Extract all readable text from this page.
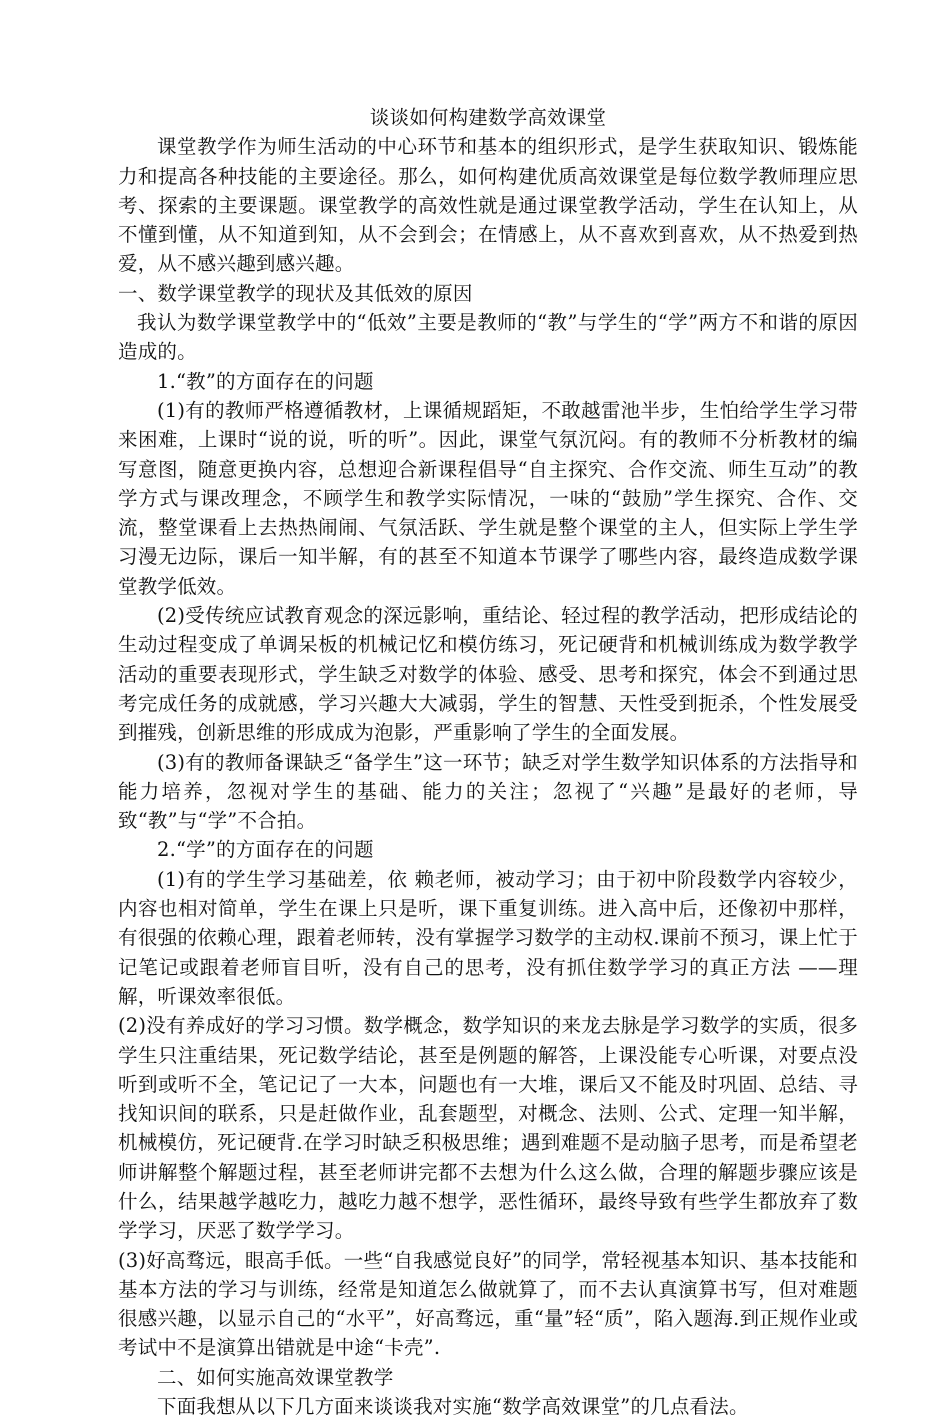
谈谈如何构建数学高效课堂

课堂教学作为师生活动的中心环节和基本的组织形式，是学生获取知识、锻炼能力和提高各种技能的主要途径。那么，如何构建优质高效课堂是每位数学教师理应思考、探索的主要课题。课堂教学的高效性就是通过课堂教学活动，学生在认知上，从不懂到懂，从不知道到知，从不会到会；在情感上，从不喜欢到喜欢，从不热爱到热爱，从不感兴趣到感兴趣。

一、数学课堂教学的现状及其低效的原因

我认为数学课堂教学中的“低效”主要是教师的“教”与学生的“学”两方不和谐的原因造成的。

1.“教”的方面存在的问题

(1)有的教师严格遵循教材，上课循规蹈矩，不敢越雷池半步，生怕给学生学习带来困难，上课时“说的说，听的听”。因此，课堂气氛沉闷。有的教师不分析教材的编写意图，随意更换内容，总想迎合新课程倡导“自主探究、合作交流、师生互动”的教学方式与课改理念，不顾学生和教学实际情况，一味的“鼓励”学生探究、合作、交流，整堂课看上去热热闹闹、气氛活跃、学生就是整个课堂的主人，但实际上学生学习漫无边际，课后一知半解，有的甚至不知道本节课学了哪些内容，最终造成数学课堂教学低效。

(2)受传统应试教育观念的深远影响，重结论、轻过程的教学活动，把形成结论的生动过程变成了单调呆板的机械记忆和模仿练习，死记硬背和机械训练成为数学教学活动的重要表现形式，学生缺乏对数学的体验、感受、思考和探究，体会不到通过思考完成任务的成就感，学习兴趣大大减弱，学生的智慧、天性受到扼杀，个性发展受到摧残，创新思维的形成成为泡影，严重影响了学生的全面发展。

(3)有的教师备课缺乏“备学生”这一环节；缺乏对学生数学知识体系的方法指导和能力培养，忽视对学生的基础、能力的关注；忽视了“兴趣”是最好的老师，导致“教”与“学”不合拍。

2.“学”的方面存在的问题

(1)有的学生学习基础差，依 赖老师，被动学习；由于初中阶段数学内容较少，内容也相对简单，学生在课上只是听，课下重复训练。进入高中后，还像初中那样，有很强的依赖心理，跟着老师转，没有掌握学习数学的主动权.课前不预习，课上忙于记笔记或跟着老师盲目听，没有自己的思考，没有抓住数学学习的真正方法 ——理解，听课效率很低。

(2)没有养成好的学习习惯。数学概念，数学知识的来龙去脉是学习数学的实质，很多学生只注重结果，死记数学结论，甚至是例题的解答，上课没能专心听课，对要点没听到或听不全，笔记记了一大本，问题也有一大堆，课后又不能及时巩固、总结、寻找知识间的联系，只是赶做作业，乱套题型，对概念、法则、公式、定理一知半解，机械模仿，死记硬背.在学习时缺乏积极思维；遇到难题不是动脑子思考，而是希望老师讲解整个解题过程，甚至老师讲完都不去想为什么这么做，合理的解题步骤应该是什么，结果越学越吃力，越吃力越不想学，恶性循环，最终导致有些学生都放弃了数学学习，厌恶了数学学习。

(3)好高骛远，眼高手低。一些“自我感觉良好”的同学，常轻视基本知识、基本技能和基本方法的学习与训练，经常是知道怎么做就算了，而不去认真演算书写，但对难题很感兴趣，以显示自己的“水平”，好高骛远，重“量”轻“质”，陷入题海.到正规作业或考试中不是演算出错就是中途“卡壳”.

二、如何实施高效课堂教学

下面我想从以下几方面来谈谈我对实施“数学高效课堂”的几点看法。
